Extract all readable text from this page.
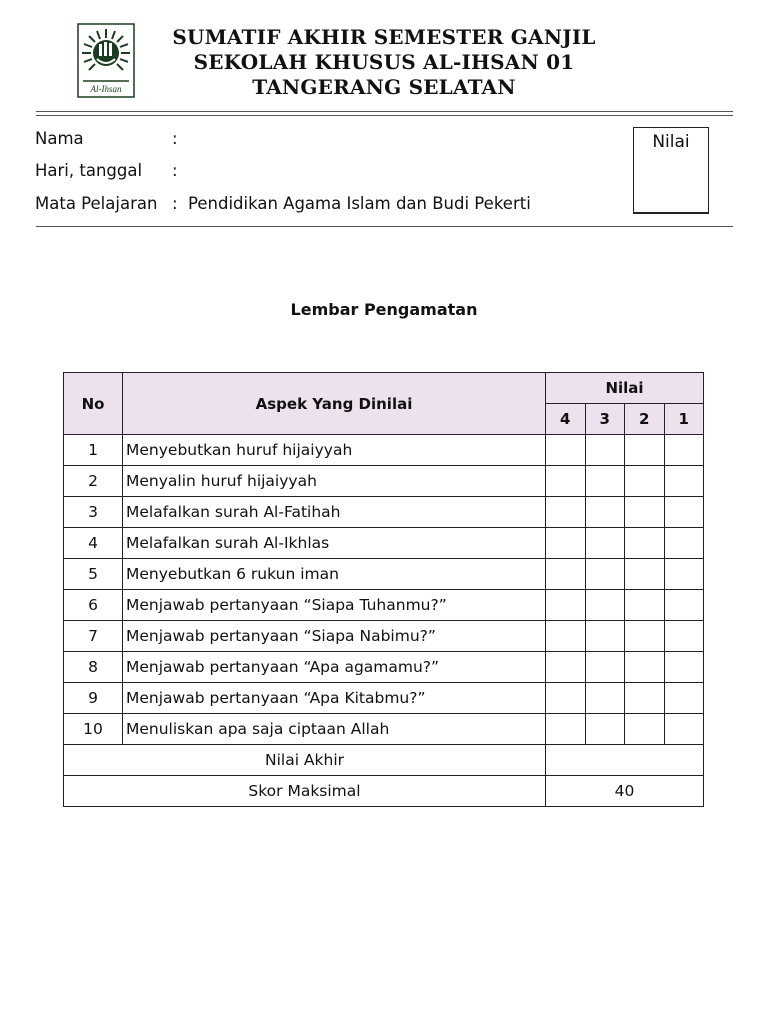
Al-Ihsan
SUMATIF AKHIR SEMESTER GANJIL
SEKOLAH KHUSUS AL-IHSAN 01
TANGERANG SELATAN
Nama	:
Hari, tanggal :
Mata Pelajaran : Pendidikan Agama Islam dan Budi Pekerti
Nilai
Lembar Pengamatan
No	Aspek Yang Dinilai	Nilai			
		4	3	2	1
1	Menyebutkan huruf hijaiyyah				
2	Menyalin huruf hijaiyyah				
3	Melafalkan surah Al-Fatihah				
4	Melafalkan surah Al-Ikhlas				
5	Menyebutkan 6 rukun iman				
6	Menjawab pertanyaan “Siapa Tuhanmu?”				
7	Menjawab pertanyaan “Siapa Nabimu?”				
8	Menjawab pertanyaan “Apa agamamu?”				
9	Menjawab pertanyaan “Apa Kitabmu?”				
10	Menuliskan apa saja ciptaan Allah				
Nilai Akhir					
Skor Maksimal		40			
